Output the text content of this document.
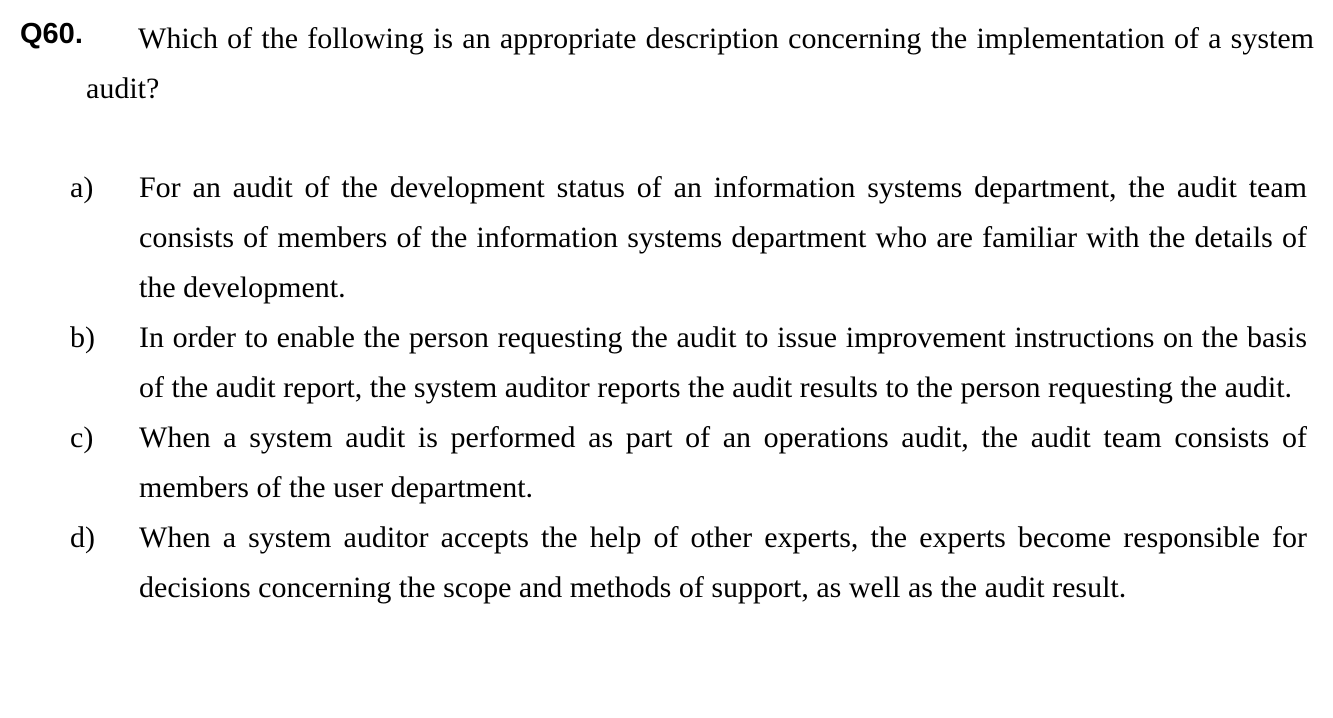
Q60.	Which of the following is an appropriate description concerning the implementation of a system audit?
a) For an audit of the development status of an information systems department, the audit team consists of members of the information systems department who are familiar with the details of the development.
b) In order to enable the person requesting the audit to issue improvement instructions on the basis of the audit report, the system auditor reports the audit results to the person requesting the audit.
c) When a system audit is performed as part of an operations audit, the audit team consists of members of the user department.
d) When a system auditor accepts the help of other experts, the experts become responsible for decisions concerning the scope and methods of support, as well as the audit result.
